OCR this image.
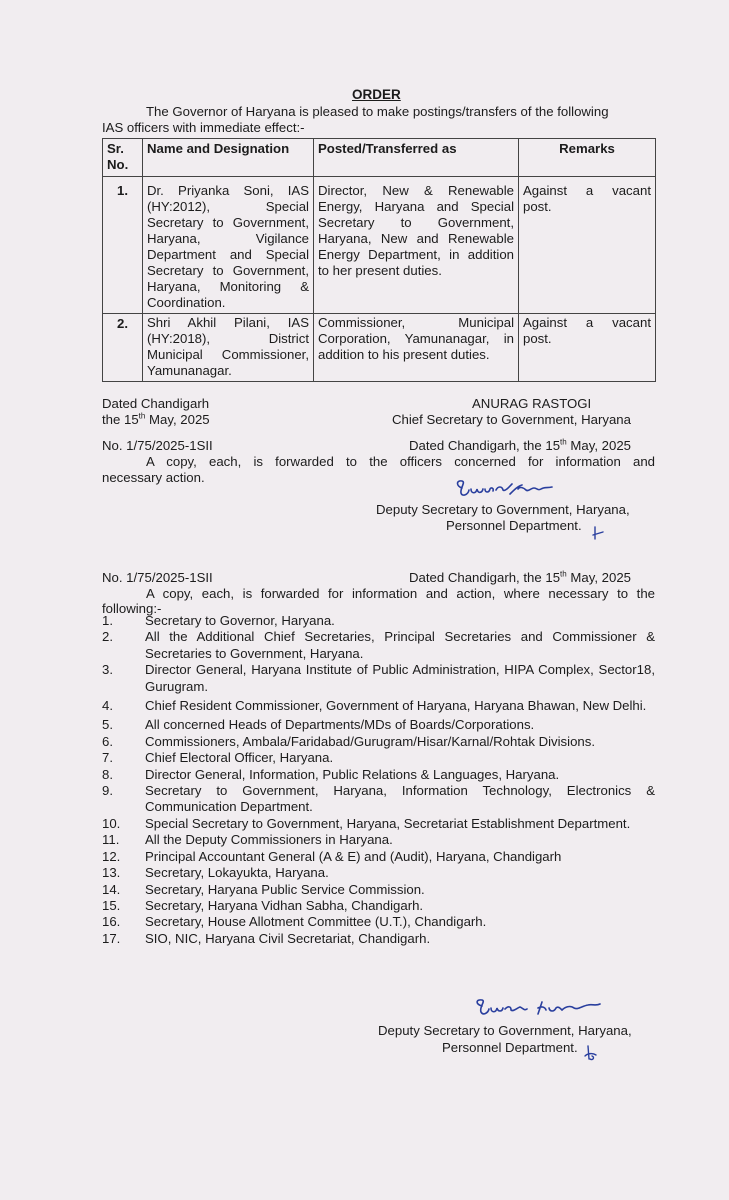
ORDER
The Governor of Haryana is pleased to make postings/transfers of the following
IAS officers with immediate effect:-
Sr. No.	Name and Designation	Posted/Transferred as	Remarks
1.	Dr. Priyanka Soni, IAS (HY:2012), Special Secretary to Government, Haryana, Vigilance Department and Special Secretary to Government, Haryana, Monitoring & Coordination.	Director, New & Renewable Energy, Haryana and Special Secretary to Government, Haryana, New and Renewable Energy Department, in addition to her present duties.	Against a vacant post.
2.	Shri Akhil Pilani, IAS (HY:2018), District Municipal Commissioner, Yamunanagar.	Commissioner, Municipal Corporation, Yamunanagar, in addition to his present duties.	Against a vacant post.
Dated Chandigarh
the 15th May, 2025
ANURAG RASTOGI
Chief Secretary to Government, Haryana
No. 1/75/2025-1SII	Dated Chandigarh, the 15th May, 2025
A copy, each, is forwarded to the officers concerned for information and
necessary action.
Deputy Secretary to Government, Haryana,
Personnel Department.
No. 1/75/2025-1SII	Dated Chandigarh, the 15th May, 2025
A copy, each, is forwarded for information and action, where necessary to the
following:-
1.	Secretary to Governor, Haryana.
2.	All the Additional Chief Secretaries, Principal Secretaries and Commissioner & Secretaries to Government, Haryana.
3.	Director General, Haryana Institute of Public Administration, HIPA Complex, Sector18, Gurugram.
4.	Chief Resident Commissioner, Government of Haryana, Haryana Bhawan, New Delhi.
5.	All concerned Heads of Departments/MDs of Boards/Corporations.
6.	Commissioners, Ambala/Faridabad/Gurugram/Hisar/Karnal/Rohtak Divisions.
7.	Chief Electoral Officer, Haryana.
8.	Director General, Information, Public Relations & Languages, Haryana.
9.	Secretary to Government, Haryana, Information Technology, Electronics & Communication Department.
10.	Special Secretary to Government, Haryana, Secretariat Establishment Department.
11.	All the Deputy Commissioners in Haryana.
12.	Principal Accountant General (A & E) and (Audit), Haryana, Chandigarh
13.	Secretary, Lokayukta, Haryana.
14.	Secretary, Haryana Public Service Commission.
15.	Secretary, Haryana Vidhan Sabha, Chandigarh.
16.	Secretary, House Allotment Committee (U.T.), Chandigarh.
17.	SIO, NIC, Haryana Civil Secretariat, Chandigarh.
Deputy Secretary to Government, Haryana,
Personnel Department.
